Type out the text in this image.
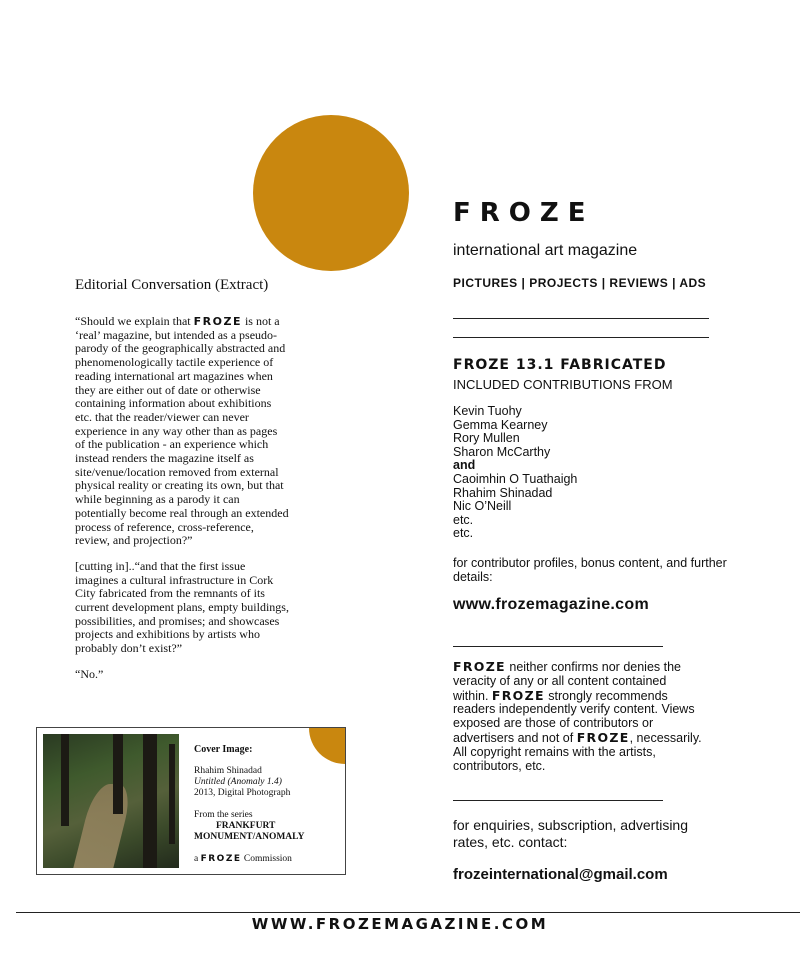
Editorial Conversation (Extract)

“Should we explain that FROZE is not a ‘real’ magazine, but intended as a pseudo-parody of the geographically abstracted and phenomenologically tactile experience of reading international art magazines when they are either out of date or otherwise containing information about exhibitions etc. that the reader/viewer can never experience in any way other than as pages of the publication - an experience which instead renders the magazine itself as site/venue/location removed from external physical reality or creating its own, but that while beginning as a parody it can potentially become real through an extended process of reference, cross-reference, review, and projection?”

[cutting in]..“and that the first issue imagines a cultural infrastructure in Cork City fabricated from the remnants of its current development plans, empty buildings, possibilities, and promises; and showcases projects and exhibitions by artists who probably don’t exist?”

“No.”

Cover Image:
Rhahim Shinadad
Untitled (Anomaly 1.4)
2013, Digital Photograph
From the series
FRANKFURT
MONUMENT/ANOMALY
a FROZE Commission
FROZE
international art magazine
PICTURES | PROJECTS | REVIEWS | ADS
FROZE 13.1 FABRICATED
INCLUDED CONTRIBUTIONS FROM
Kevin Tuohy
Gemma Kearney
Rory Mullen
Sharon McCarthy
and
Caoimhin O Tuathaigh
Rhahim Shinadad
Nic O’Neill
etc.
etc.
for contributor profiles, bonus content, and further details:
www.frozemagazine.com
FROZE neither confirms nor denies the veracity of any or all content contained within. FROZE strongly recommends readers independently verify content. Views exposed are those of contributors or advertisers and not of FROZE, necessarily. All copyright remains with the artists, contributors, etc.
for enquiries, subscription, advertising rates, etc. contact:
frozeinternational@gmail.com
WWW.FROZEMAGAZINE.COM
